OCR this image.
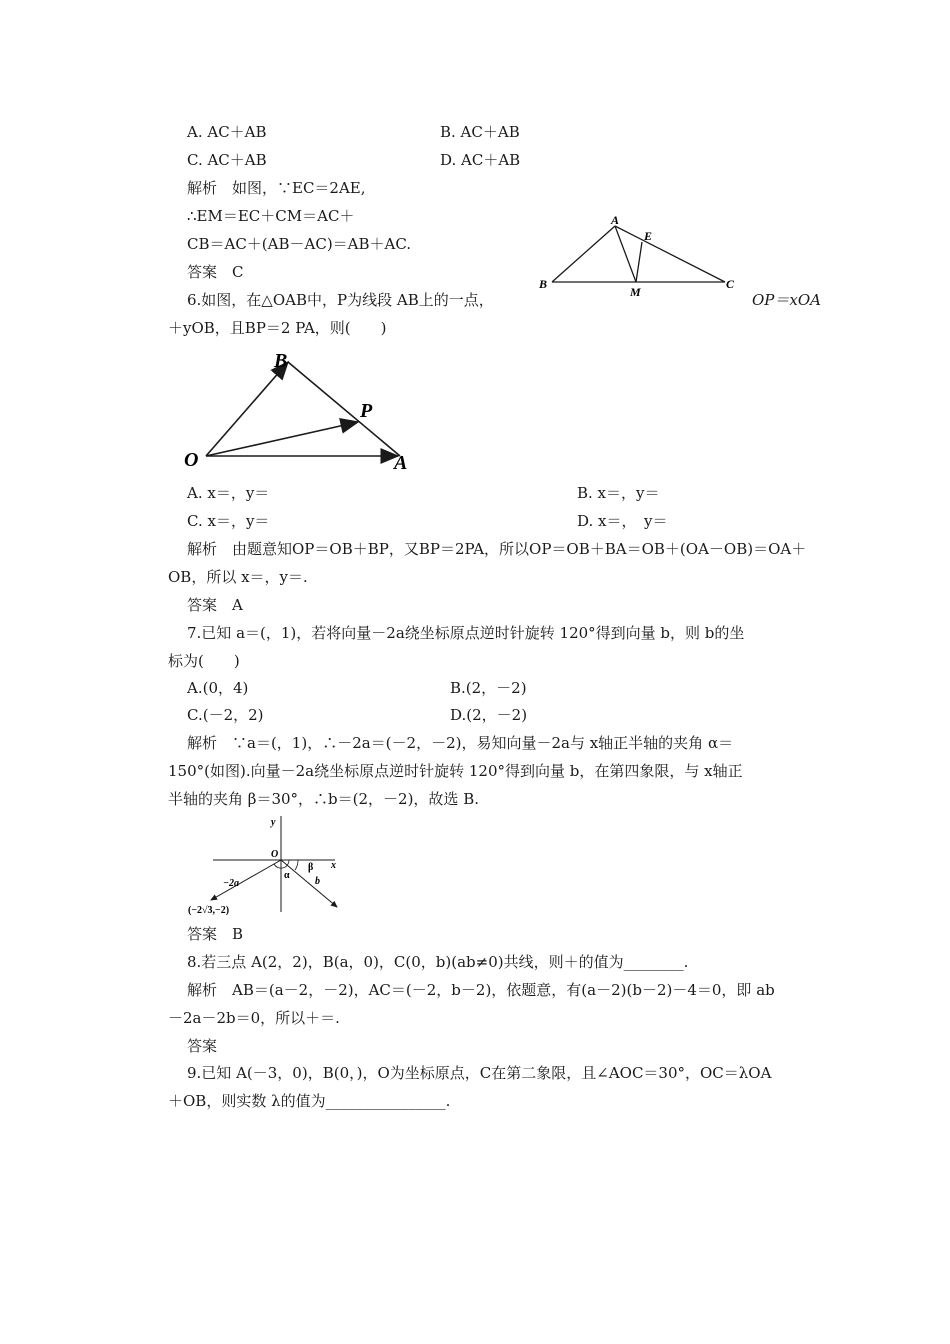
A. AC＋AB	B. AC＋AB
C. AC＋AB	D. AC＋AB
解析　如图，∵EC＝2AE,
∴EM＝EC＋CM＝AC＋
CB＝AC＋(AB－AC)＝AB＋AC.
答案　C
A
E
B
M
C
6.如图，在△OAB中，P为线段 AB上的一点，	OP＝xOA
＋yOB，且BP＝2 PA，则(　　)
B
P
O	A
A. x＝，y＝	B. x＝，y＝
C. x＝，y＝	D. x＝，　y＝
解析　由题意知OP＝OB＋BP，又BP＝2PA，所以OP＝OB＋BA＝OB＋(OA－OB)＝OA＋
OB，所以 x＝，y＝.
答案　A
7.已知 a＝(，1)，若将向量－2a绕坐标原点逆时针旋转 120°得到向量 b，则 b的坐
标为(　　)
A.(0，4)	B.(2，－2)
C.(－2，2)	D.(2，－2)
解析　∵a＝(，1)，∴－2a＝(－2，－2)，易知向量－2a与 x轴正半轴的夹角 α＝
150°(如图).向量－2a绕坐标原点逆时针旋转 120°得到向量 b，在第四象限，与 x轴正
半轴的夹角 β＝30°，∴b＝(2，－2)，故选 B.
y
x
O
−2a
α
β
b
(−2√3,−2)
答案　B
8.若三点 A(2，2)，B(a，0)，C(0，b)(ab≠0)共线，则＋的值为________.
解析　AB＝(a－2，－2)，AC＝(－2，b－2)，依题意，有(a－2)(b－2)－4＝0，即 ab
－2a－2b＝0，所以＋＝.
答案
9.已知 A(－3，0)，B(0，)，O为坐标原点，C在第二象限，且∠AOC＝30°，OC＝λOA
＋OB，则实数 λ的值为________________.
